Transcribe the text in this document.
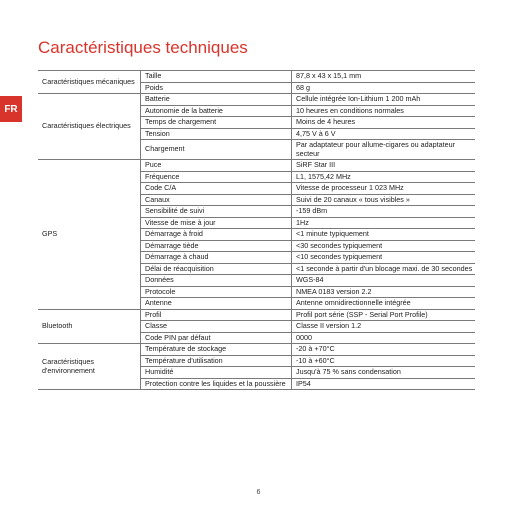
Caractéristiques techniques
FR
Caractéristiques mécaniques	Taille	87,8 x 43 x 15,1 mm
	Poids	68 g
Caractéristiques électriques	Batterie	Cellule intégrée Ion-Lithium 1 200 mAh
	Autonomie de la batterie	10 heures en conditions normales
	Temps de chargement	Moins de 4 heures
	Tension	4,75 V à 6 V
	Chargement	Par adaptateur pour allume-cigares ou adaptateur secteur
GPS	Puce	SiRF Star III
	Fréquence	L1, 1575,42 MHz
	Code C/A	Vitesse de processeur 1 023 MHz
	Canaux	Suivi de 20 canaux « tous visibles »
	Sensibilité de suivi	-159 dBm
	Vitesse de mise à jour	1Hz
	Démarrage à froid	<1 minute typiquement
	Démarrage tiède	<30 secondes typiquement
	Démarrage à chaud	<10 secondes typiquement
	Délai de réacquisition	<1 seconde à partir d'un blocage maxi. de 30 secondes
	Données	WGS-84
	Protocole	NMEA 0183 version 2.2
	Antenne	Antenne omnidirectionnelle intégrée
Bluetooth	Profil	Profil port série (SSP - Serial Port Profile)
	Classe	Classe II version 1.2
	Code PIN par défaut	0000
Caractéristiques d'environnement	Température de stockage	-20 à +70°C
	Température d'utilisation	-10 à +60°C
	Humidité	Jusqu'à 75 % sans condensation
	Protection contre les liquides et la poussière	IP54
6
